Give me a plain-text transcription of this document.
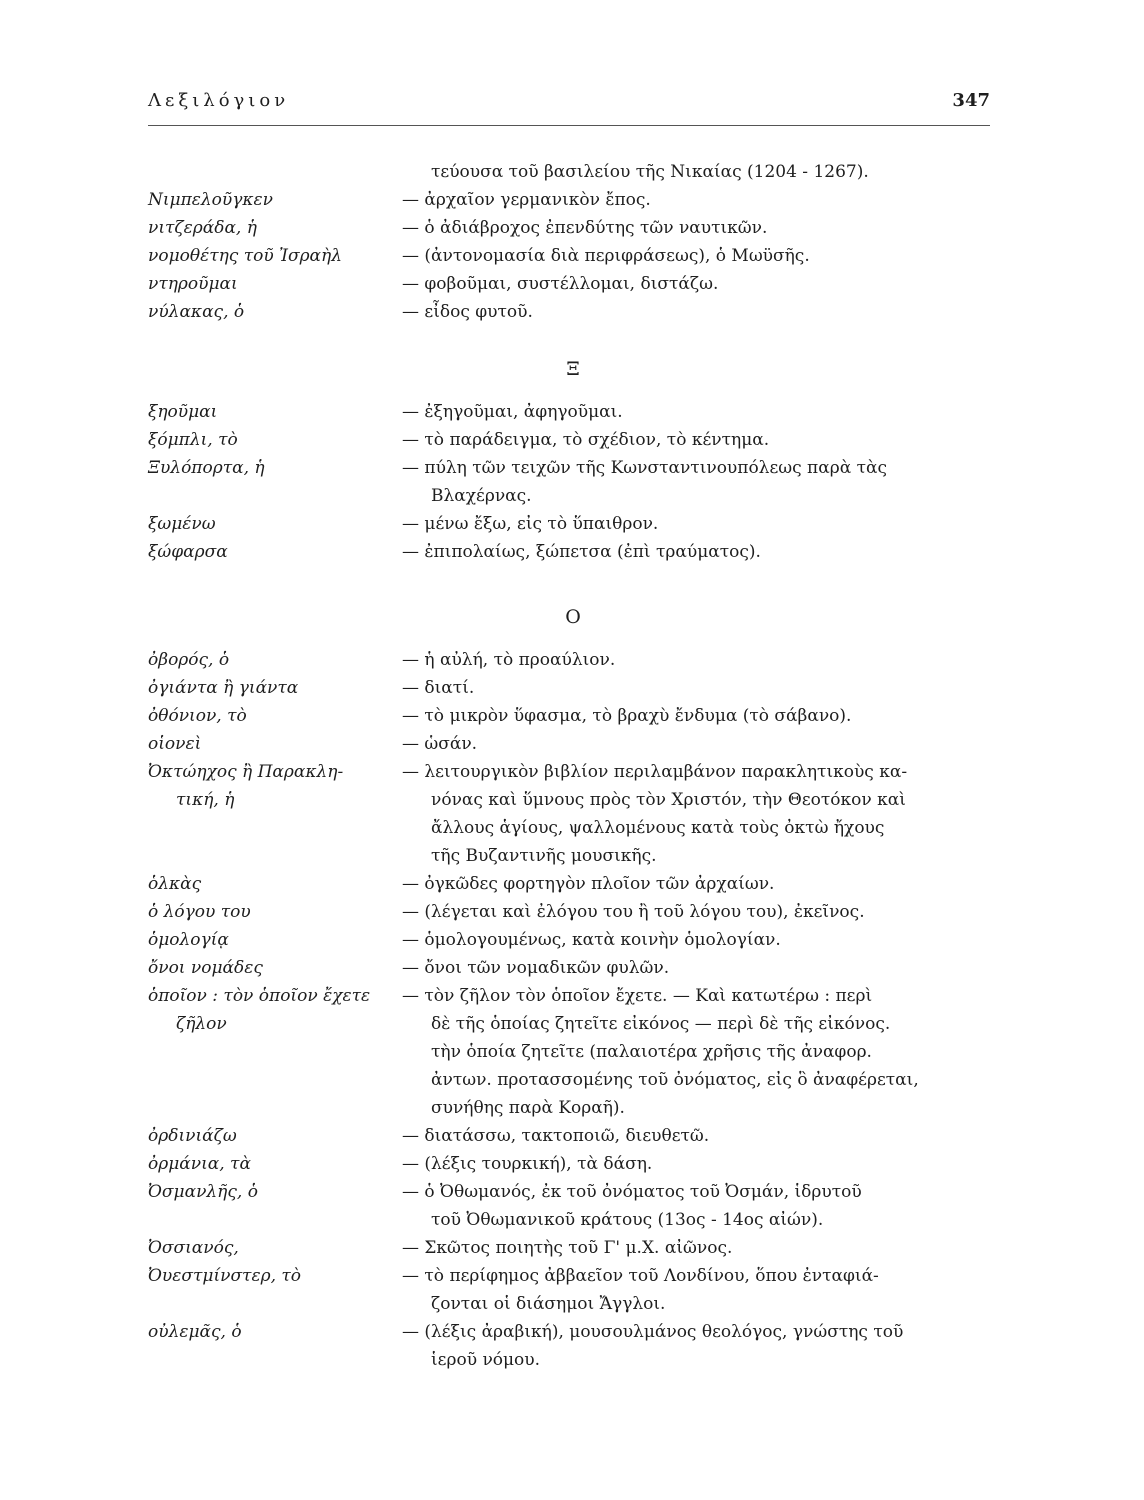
Λεξιλόγιον	347
Ξ
Ο
τεύουσα τοῦ βασιλείου τῆς Νικαίας (1204 - 1267).
Νιμπελοῦγκεν	— ἀρχαῖον γερμανικὸν ἔπος.
νιτζεράδα, ἡ	— ὁ ἀδιάβροχος ἐπενδύτης τῶν ναυτικῶν.
νομοθέτης τοῦ Ἰσραὴλ	— (ἀντονομασία διὰ περιφράσεως), ὁ Μωϋσῆς.
ντηροῦμαι	— φοβοῦμαι, συστέλλομαι, διστάζω.
νύλακας, ὁ	— εἶδος φυτοῦ.
ξηοῦμαι	— ἐξηγοῦμαι, ἀφηγοῦμαι.
ξόμπλι, τὸ	— τὸ παράδειγμα, τὸ σχέδιον, τὸ κέντημα.
Ξυλόπορτα, ἡ	— πύλη τῶν τειχῶν τῆς Κωνσταντινουπόλεως παρὰ τὰς
Βλαχέρνας.
ξωμένω	— μένω ἔξω, εἰς τὸ ὕπαιθρον.
ξώφαρσα	— ἐπιπολαίως, ξώπετσα (ἐπὶ τραύματος).
ὀβορός, ὁ	— ἡ αὐλή, τὸ προαύλιον.
ὀγιάντα ἢ γιάντα	— διατί.
ὀθόνιον, τὸ	— τὸ μικρὸν ὕφασμα, τὸ βραχὺ ἔνδυμα (τὸ σάβανο).
οἱονεὶ	— ὡσάν.
Ὀκτώηχος ἢ Παρακλη-	— λειτουργικὸν βιβλίον περιλαμβάνον παρακλητικοὺς κα-
τική, ἡ	νόνας καὶ ὕμνους πρὸς τὸν Χριστόν, τὴν Θεοτόκον καὶ
ἄλλους ἁγίους, ψαλλομένους κατὰ τοὺς ὀκτὼ ἤχους
τῆς Βυζαντινῆς μουσικῆς.
ὁλκὰς	— ὀγκῶδες φορτηγὸν πλοῖον τῶν ἀρχαίων.
ὁ λόγου του	— (λέγεται καὶ ἐλόγου του ἢ τοῦ λόγου του), ἐκεῖνος.
ὁμολογίᾳ	— ὁμολογουμένως, κατὰ κοινὴν ὁμολογίαν.
ὄνοι νομάδες	— ὄνοι τῶν νομαδικῶν φυλῶν.
ὁποῖον : τὸν ὁποῖον ἔχετε — τὸν ζῆλον τὸν ὁποῖον ἔχετε. — Καὶ κατωτέρω : περὶ
ζῆλον	δὲ τῆς ὁποίας ζητεῖτε εἰκόνος — περὶ δὲ τῆς εἰκόνος.
τὴν ὁποία ζητεῖτε (παλαιοτέρα χρῆσις τῆς ἀναφορ.
ἀντων. προτασσομένης τοῦ ὀνόματος, εἰς ὃ ἀναφέρεται,
συνήθης παρὰ Κοραῆ).
ὀρδινιάζω	— διατάσσω, τακτοποιῶ, διευθετῶ.
ὀρμάνια, τὰ	— (λέξις τουρκική), τὰ δάση.
Ὀσμανλῆς, ὁ	— ὁ Ὀθωμανός, ἐκ τοῦ ὀνόματος τοῦ Ὀσμάν, ἱδρυτοῦ
τοῦ Ὀθωμανικοῦ κράτους (13ος - 14ος αἰών).
Ὀσσιανός,	— Σκῶτος ποιητὴς τοῦ Γ' μ.Χ. αἰῶνος.
Ὀυεστμίνστερ, τὸ	— τὸ περίφημος ἀββαεῖον τοῦ Λονδίνου, ὅπου ἐνταφιά-
ζονται οἱ διάσημοι Ἄγγλοι.
οὐλεμᾶς, ὁ	— (λέξις ἀραβική), μουσουλμάνος θεολόγος, γνώστης τοῦ
ἱεροῦ νόμου.
